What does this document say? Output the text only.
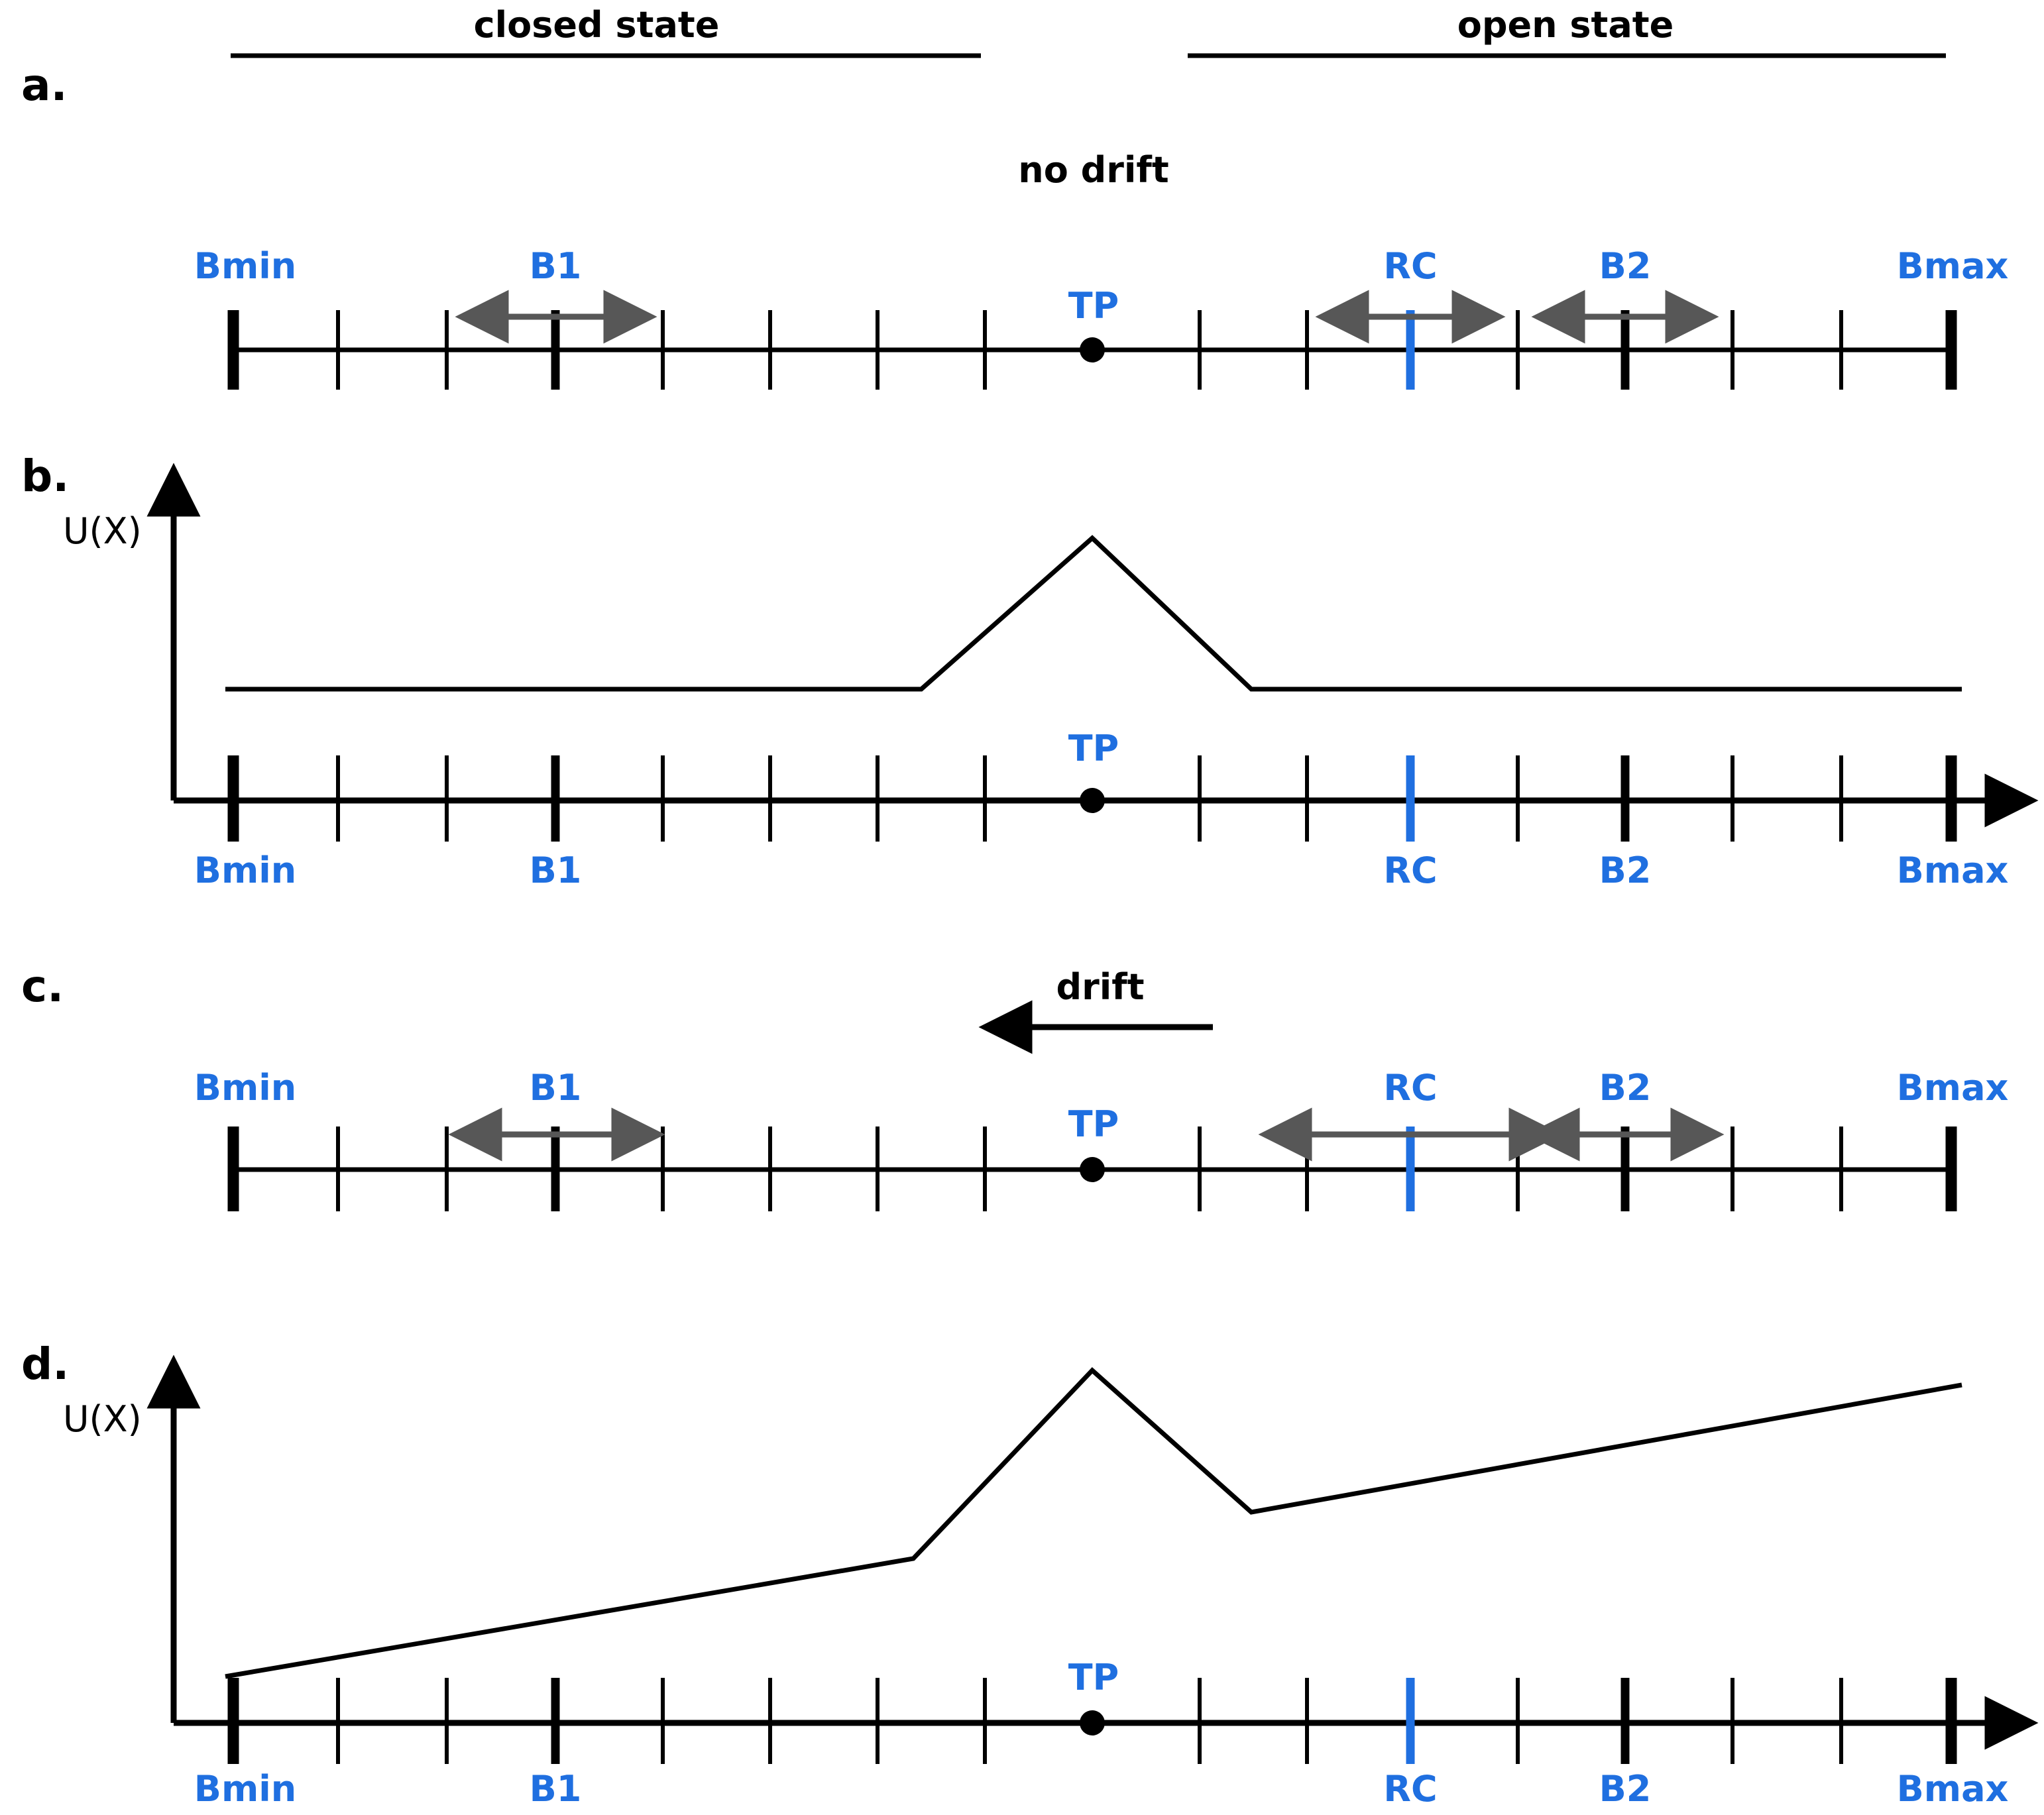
a.
closed state	open state
no drift
Bmin	B1
TP
RC	B2	Bmax
b.
U(X)
TP
Bmin	B1	RC	B2	Bmax
c.	drift
Bmin	B1
TP
RC	B2	Bmax
d.
U(X)
TP
Bmin	B1	RC	B2	Bmax
